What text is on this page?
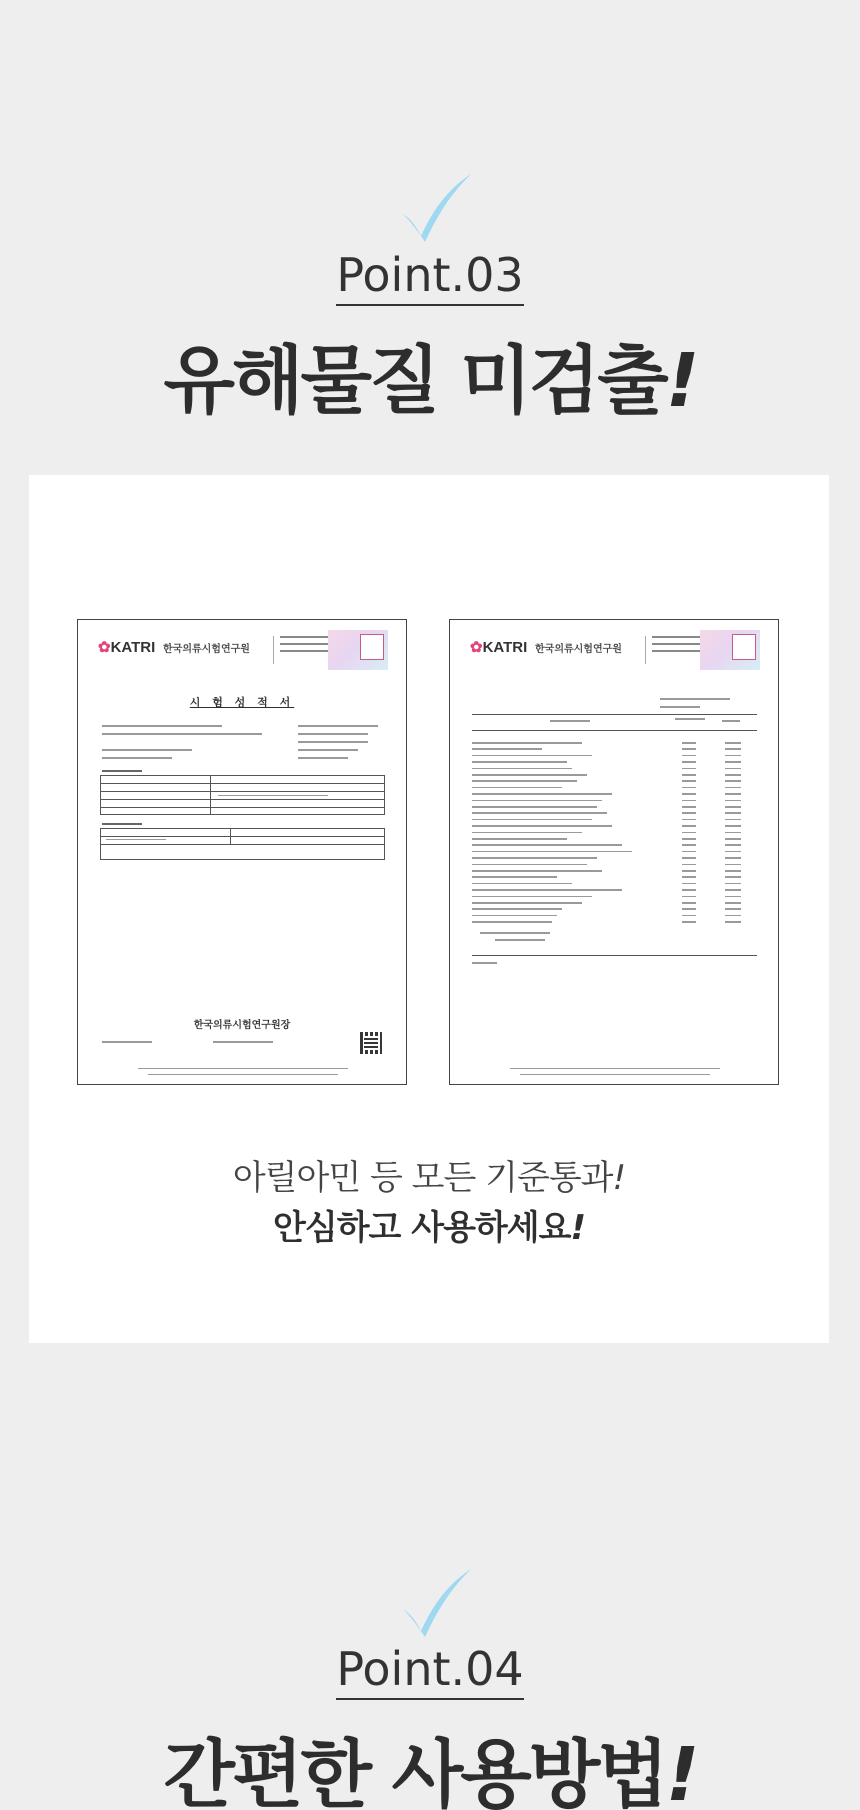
Point.03
유해물질 미검출!
✿KATRI 한국의류시험연구원
시 험 성 적 서
한국의류시험연구원장
✿KATRI 한국의류시험연구원
아릴아민 등 모든 기준통과!
안심하고 사용하세요!
Point.04
간편한 사용방법!
